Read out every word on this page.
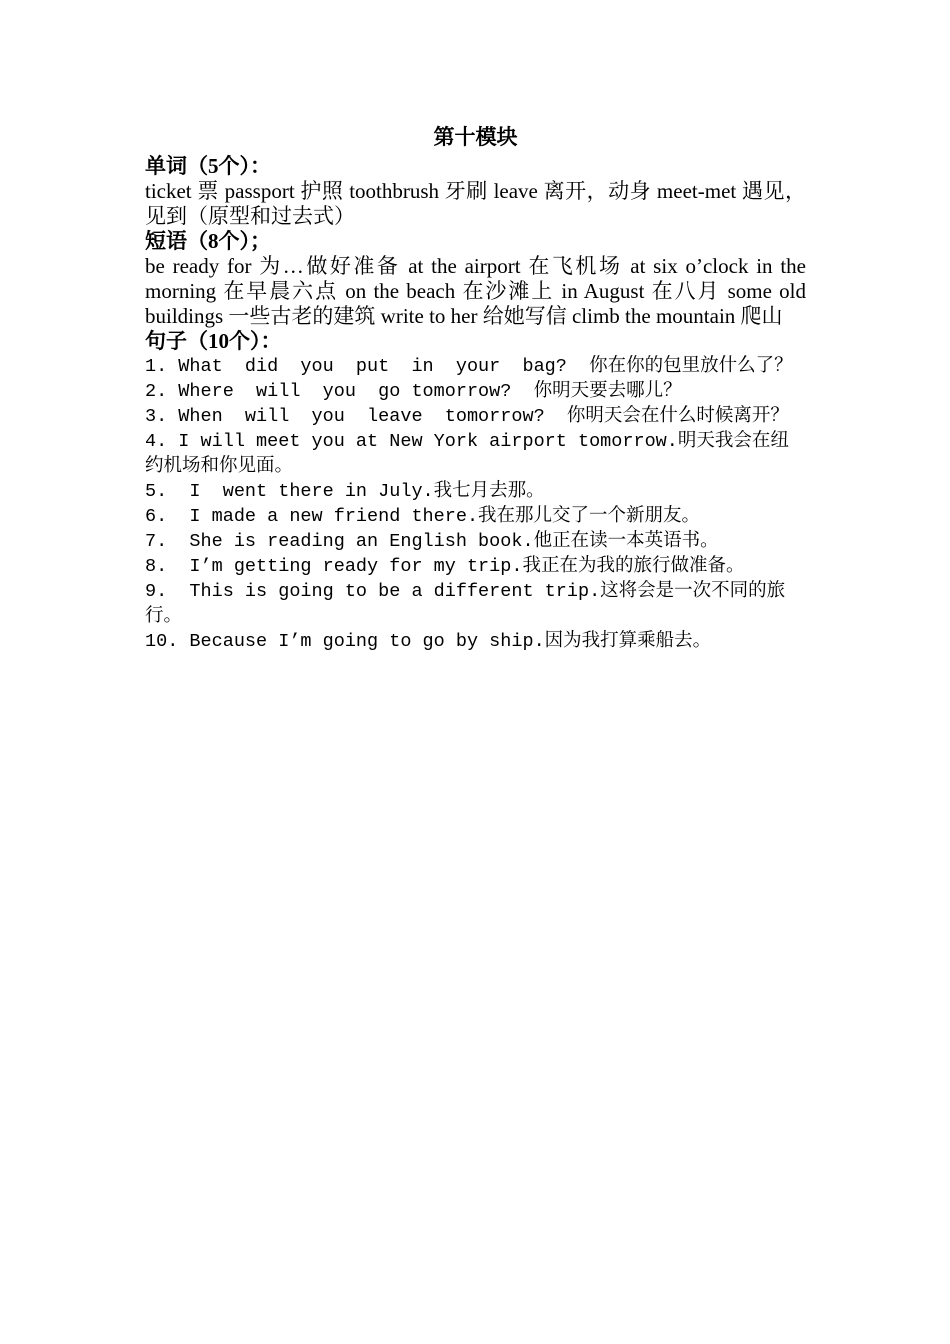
第十模块

单词（5个）：

ticket 票 passport 护照 toothbrush 牙刷 leave 离开，动身 meet-met 遇见，见到（原型和过去式）

短语（8个）；

be ready for 为…做好准备 at the airport 在飞机场 at six o’clock in the morning 在早晨六点 on the beach 在沙滩上 in August 在八月 some old buildings 一些古老的建筑 write to her 给她写信 climb the mountain 爬山

句子（10个）：

1. What  did  you  put  in  your  bag?  你在你的包里放什么了？
2. Where  will  you  go tomorrow?  你明天要去哪儿？
3. When  will  you  leave  tomorrow?  你明天会在什么时候离开？
4. I will meet you at New York airport tomorrow.明天我会在纽约机场和你见面。
5.  I  went there in July.我七月去那。
6.  I made a new friend there.我在那儿交了一个新朋友。
7.  She is reading an English book.他正在读一本英语书。
8.  I’m getting ready for my trip.我正在为我的旅行做准备。
9.  This is going to be a different trip.这将会是一次不同的旅行。
10. Because I’m going to go by ship.因为我打算乘船去。
